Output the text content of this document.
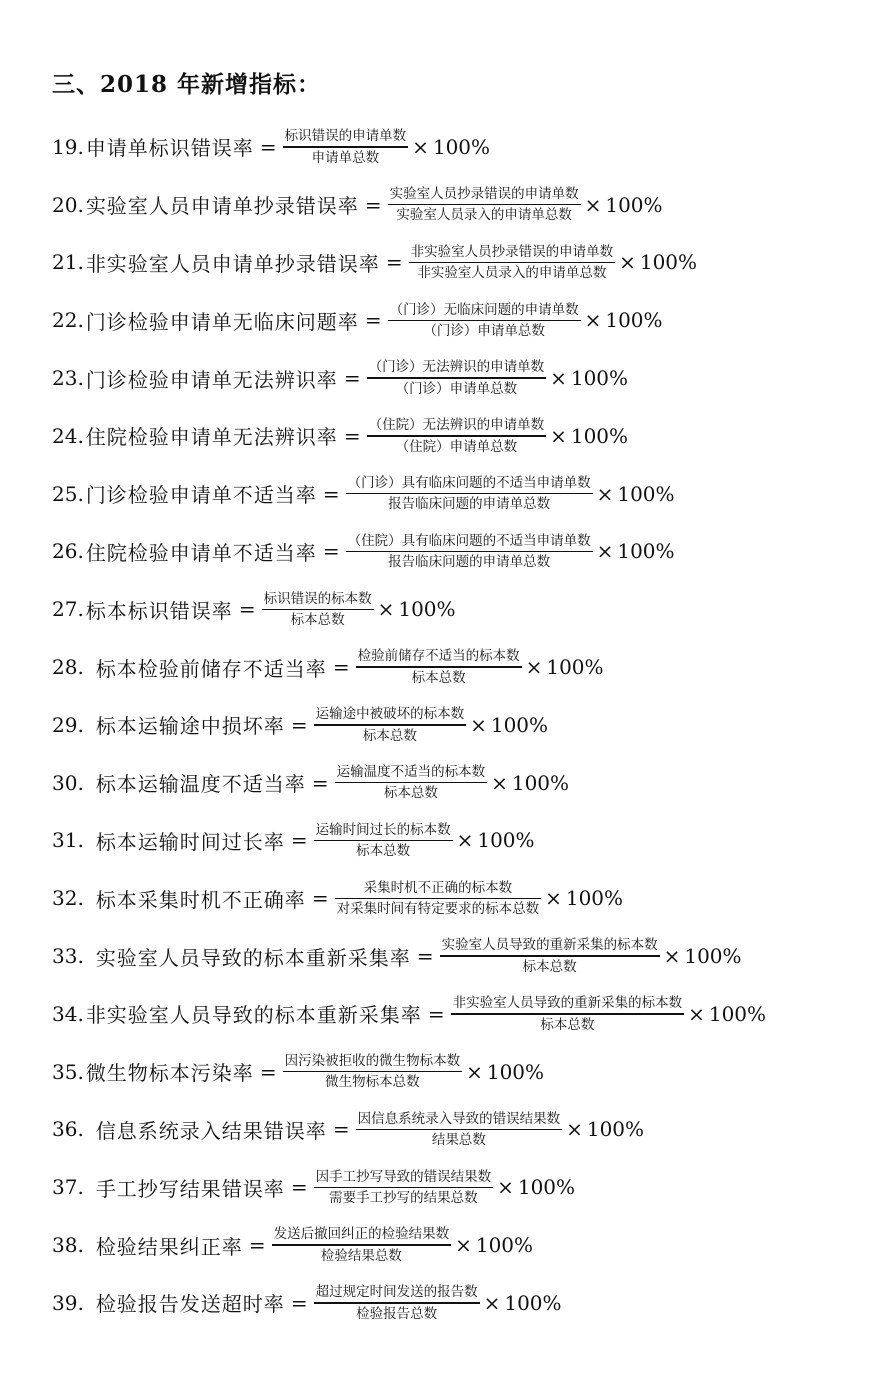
三、2018 年新增指标：
19. 申请单标识错误率 = $\frac{\text{标识错误的申请单数}}{\text{申请单总数}} \times 100\%$
20. 实验室人员申请单抄录错误率 = $\frac{\text{实验室人员抄录错误的申请单数}}{\text{实验室人员录入的申请单总数}} \times 100\%$
21. 非实验室人员申请单抄录错误率 = $\frac{\text{非实验室人员抄录错误的申请单数}}{\text{非实验室人员录入的申请单总数}} \times 100\%$
22. 门诊检验申请单无临床问题率 = $\frac{\text{（门诊）无临床问题的申请单数}}{\text{（门诊）申请单总数}} \times 100\%$
23. 门诊检验申请单无法辨识率 = $\frac{\text{（门诊）无法辨识的申请单数}}{\text{（门诊）申请单总数}} \times 100\%$
24. 住院检验申请单无法辨识率 = $\frac{\text{（住院）无法辨识的申请单数}}{\text{（住院）申请单总数}} \times 100\%$
25. 门诊检验申请单不适当率 = $\frac{\text{（门诊）具有临床问题的不适当申请单数}}{\text{报告临床问题的申请单总数}} \times 100\%$
26. 住院检验申请单不适当率 = $\frac{\text{（住院）具有临床问题的不适当申请单数}}{\text{报告临床问题的申请单总数}} \times 100\%$
27. 标本标识错误率 = $\frac{\text{标识错误的标本数}}{\text{标本总数}} \times 100\%$
28. 标本检验前储存不适当率 = $\frac{\text{检验前储存不适当的标本数}}{\text{标本总数}} \times 100\%$
29. 标本运输途中损坏率 = $\frac{\text{运输途中被破坏的标本数}}{\text{标本总数}} \times 100\%$
30. 标本运输温度不适当率 = $\frac{\text{运输温度不适当的标本数}}{\text{标本总数}} \times 100\%$
31. 标本运输时间过长率 = $\frac{\text{运输时间过长的标本数}}{\text{标本总数}} \times 100\%$
32. 标本采集时机不正确率 = $\frac{\text{采集时机不正确的标本数}}{\text{对采集时间有特定要求的标本总数}} \times 100\%$
33. 实验室人员导致的标本重新采集率 = $\frac{\text{实验室人员导致的重新采集的标本数}}{\text{标本总数}} \times 100\%$
34. 非实验室人员导致的标本重新采集率 = $\frac{\text{非实验室人员导致的重新采集的标本数}}{\text{标本总数}} \times 100\%$
35. 微生物标本污染率 = $\frac{\text{因污染被拒收的微生物标本数}}{\text{微生物标本总数}} \times 100\%$
36. 信息系统录入结果错误率 = $\frac{\text{因信息系统录入导致的错误结果数}}{\text{结果总数}} \times 100\%$
37. 手工抄写结果错误率 = $\frac{\text{因手工抄写导致的错误结果数}}{\text{需要手工抄写的结果总数}} \times 100\%$
38. 检验结果纠正率 = $\frac{\text{发送后撤回纠正的检验结果数}}{\text{检验结果总数}} \times 100\%$
39. 检验报告发送超时率 = $\frac{\text{超过规定时间发送的报告数}}{\text{检验报告总数}} \times 100\%$
